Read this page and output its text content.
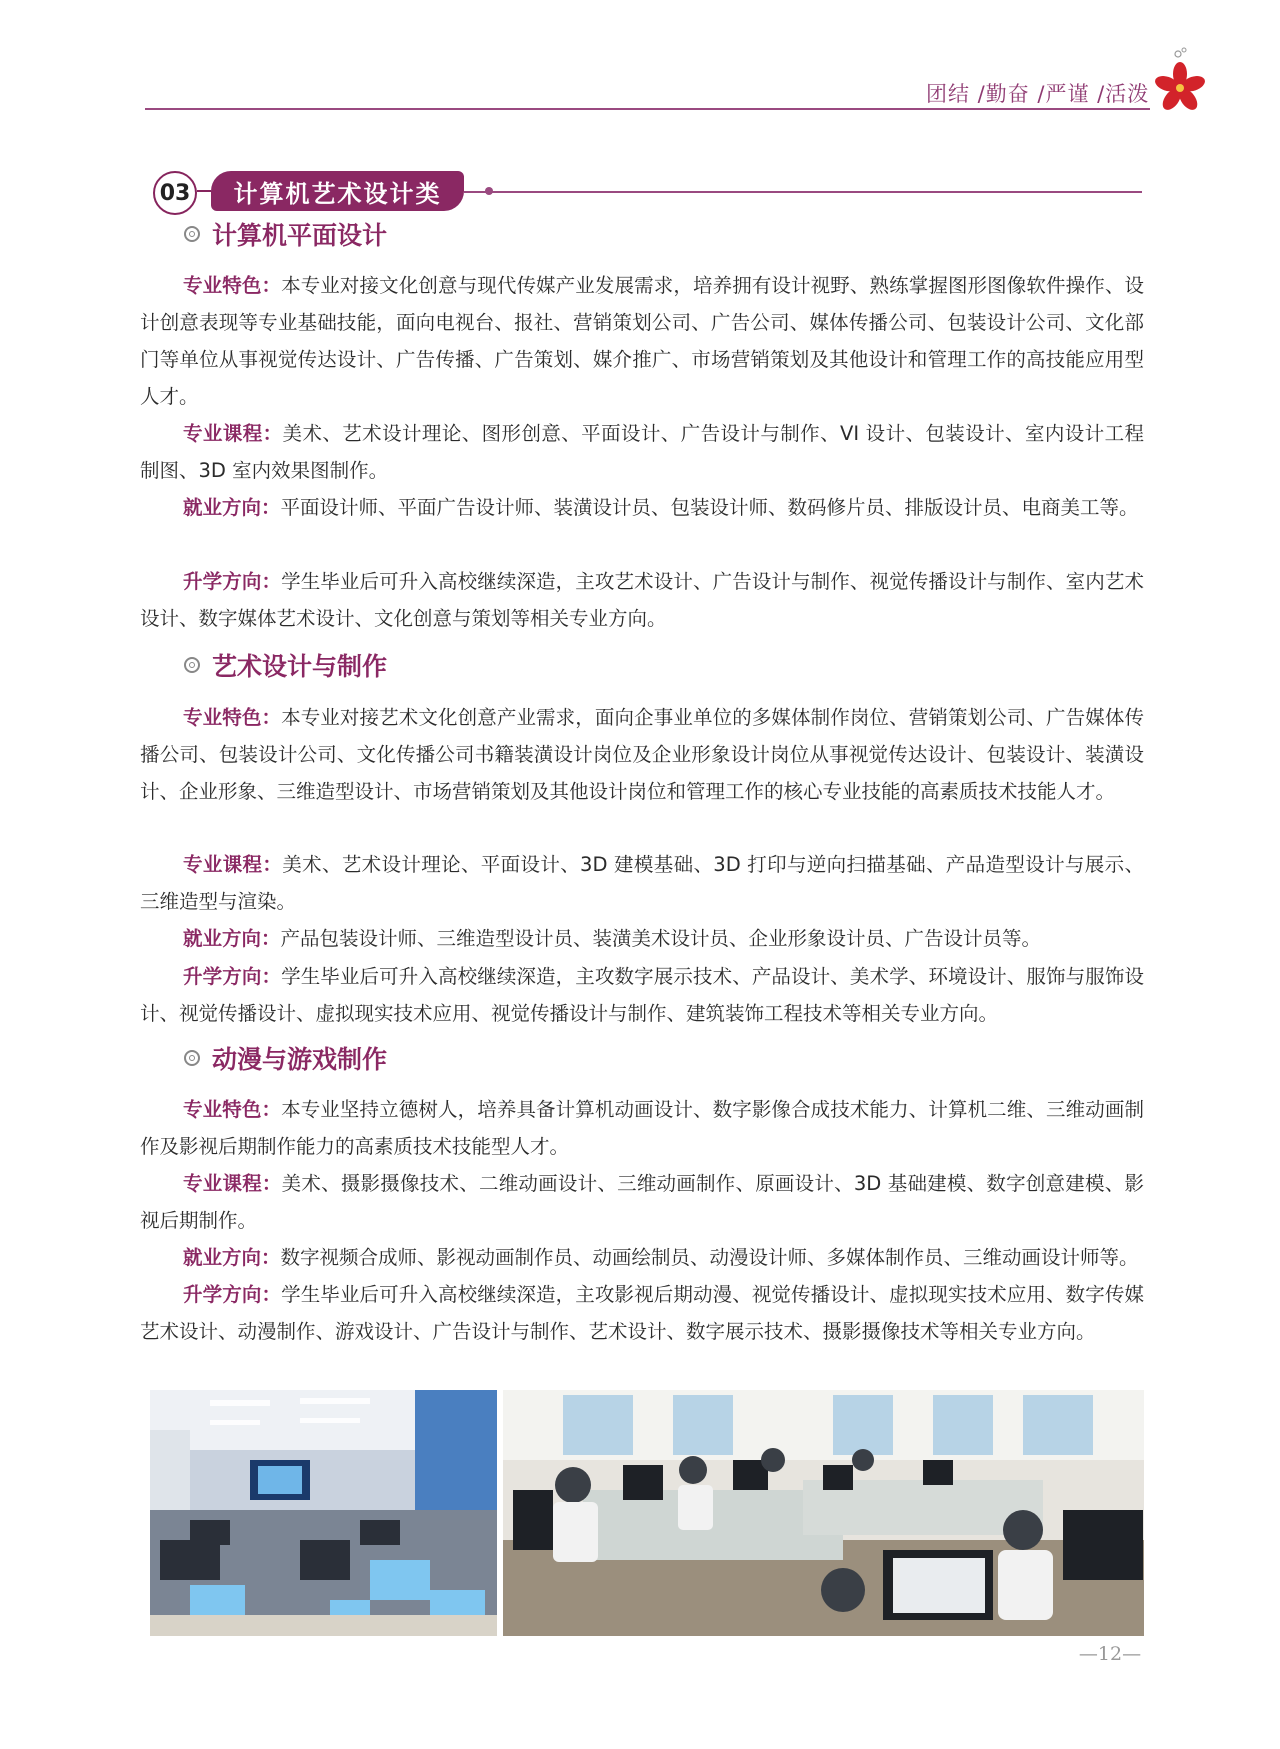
团结 /勤奋 /严谨 /活泼
03	计算机艺术设计类
计算机平面设计

专业特色：本专业对接文化创意与现代传媒产业发展需求，培养拥有设计视野、熟练掌握图形图像软件操作、设计创意表现等专业基础技能，面向电视台、报社、营销策划公司、广告公司、媒体传播公司、包装设计公司、文化部门等单位从事视觉传达设计、广告传播、广告策划、媒介推广、市场营销策划及其他设计和管理工作的高技能应用型人才。

专业课程：美术、艺术设计理论、图形创意、平面设计、广告设计与制作、VI 设计、包装设计、室内设计工程制图、3D 室内效果图制作。

就业方向：平面设计师、平面广告设计师、装潢设计员、包装设计师、数码修片员、排版设计员、电商美工等。

升学方向：学生毕业后可升入高校继续深造，主攻艺术设计、广告设计与制作、视觉传播设计与制作、室内艺术设计、数字媒体艺术设计、文化创意与策划等相关专业方向。

艺术设计与制作

专业特色：本专业对接艺术文化创意产业需求，面向企事业单位的多媒体制作岗位、营销策划公司、广告媒体传播公司、包装设计公司、文化传播公司书籍装潢设计岗位及企业形象设计岗位从事视觉传达设计、包装设计、装潢设计、企业形象、三维造型设计、市场营销策划及其他设计岗位和管理工作的核心专业技能的高素质技术技能人才。

专业课程：美术、艺术设计理论、平面设计、3D 建模基础、3D 打印与逆向扫描基础、产品造型设计与展示、三维造型与渲染。

就业方向：产品包装设计师、三维造型设计员、装潢美术设计员、企业形象设计员、广告设计员等。

升学方向：学生毕业后可升入高校继续深造，主攻数字展示技术、产品设计、美术学、环境设计、服饰与服饰设计、视觉传播设计、虚拟现实技术应用、视觉传播设计与制作、建筑装饰工程技术等相关专业方向。

动漫与游戏制作

专业特色：本专业坚持立德树人，培养具备计算机动画设计、数字影像合成技术能力、计算机二维、三维动画制作及影视后期制作能力的高素质技术技能型人才。

专业课程：美术、摄影摄像技术、二维动画设计、三维动画制作、原画设计、3D 基础建模、数字创意建模、影视后期制作。

就业方向：数字视频合成师、影视动画制作员、动画绘制员、动漫设计师、多媒体制作员、三维动画设计师等。

升学方向：学生毕业后可升入高校继续深造，主攻影视后期动漫、视觉传播设计、虚拟现实技术应用、数字传媒艺术设计、动漫制作、游戏设计、广告设计与制作、艺术设计、数字展示技术、摄影摄像技术等相关专业方向。

—12—
